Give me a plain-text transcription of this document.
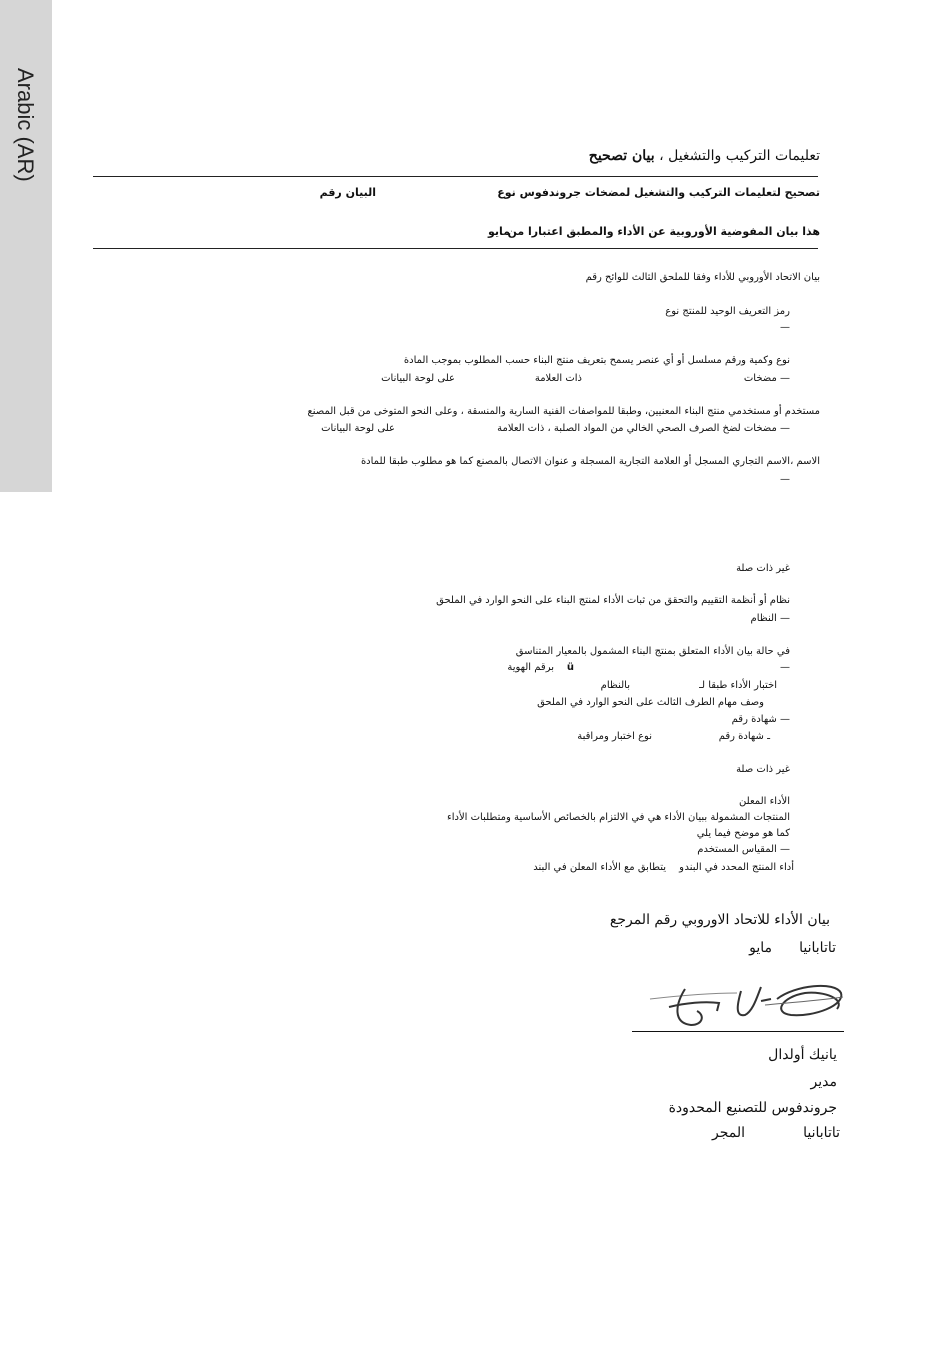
Arabic (AR)	تعليمات التركيب والتشغيل ، بيان تصحيح
تصحيح لتعليمات التركيب والتشغيل لمضخات جروندفوس نوع
البيان رقم
هذا بيان المفوضية الأوروبية عن الأداء والمطبق اعتبارا من
مايو
بيان الاتحاد الأوروبي للأداء وفقا للملحق الثالث للوائح رقم
رمز التعريف الوحيد للمنتج نوع
—
نوع وكمية ورقم مسلسل أو أي عنصر يسمح بتعريف منتج البناء حسب المطلوب بموجب المادة
— مضخات
ذات العلامة
على لوحة البيانات
مستخدم أو مستخدمي منتج البناء المعنيين، وطبقا للمواصفات الفنية السارية والمنسقة ، وعلى النحو المتوخى من قبل المصنع
— مضخات لضخ الصرف الصحي الخالي من المواد الصلبة ، ذات العلامة
على لوحة البيانات
الاسم ،الاسم التجاري المسجل أو العلامة التجارية المسجلة و عنوان الاتصال بالمصنع كما هو مطلوب طبقا للمادة
—
غير ذات صلة
نظام أو أنظمة التقييم والتحقق من ثبات الأداء لمنتج البناء على النحو الوارد في الملحق
— النظام
في حالة بيان الأداء المتعلق بمنتج البناء المشمول بالمعيار المتناسق
—
ü
برقم الهوية
اختبار الأداء طبقا لـ
بالنظام
وصف مهام الطرف الثالث على النحو الوارد في الملحق
— شهادة رقم
ـ شهادة رقم
نوع اختبار ومراقبة
غير ذات صلة
الأداء المعلن
المنتجات المشمولة ببيان الأداء هي في الالتزام بالخصائص الأساسية ومتطلبات الأداء
كما هو موضح فيما يلي
— المقياس المستخدم
أداء المنتج المحدد في البند
و
يتطابق مع الأداء المعلن في البند
بيان الأداء للاتحاد الاوروبي رقم المرجع
تاتابانيا
مايو
يانيك أولدال
مدير
جروندفوس للتصنيع المحدودة
تاتابانيا
المجر
